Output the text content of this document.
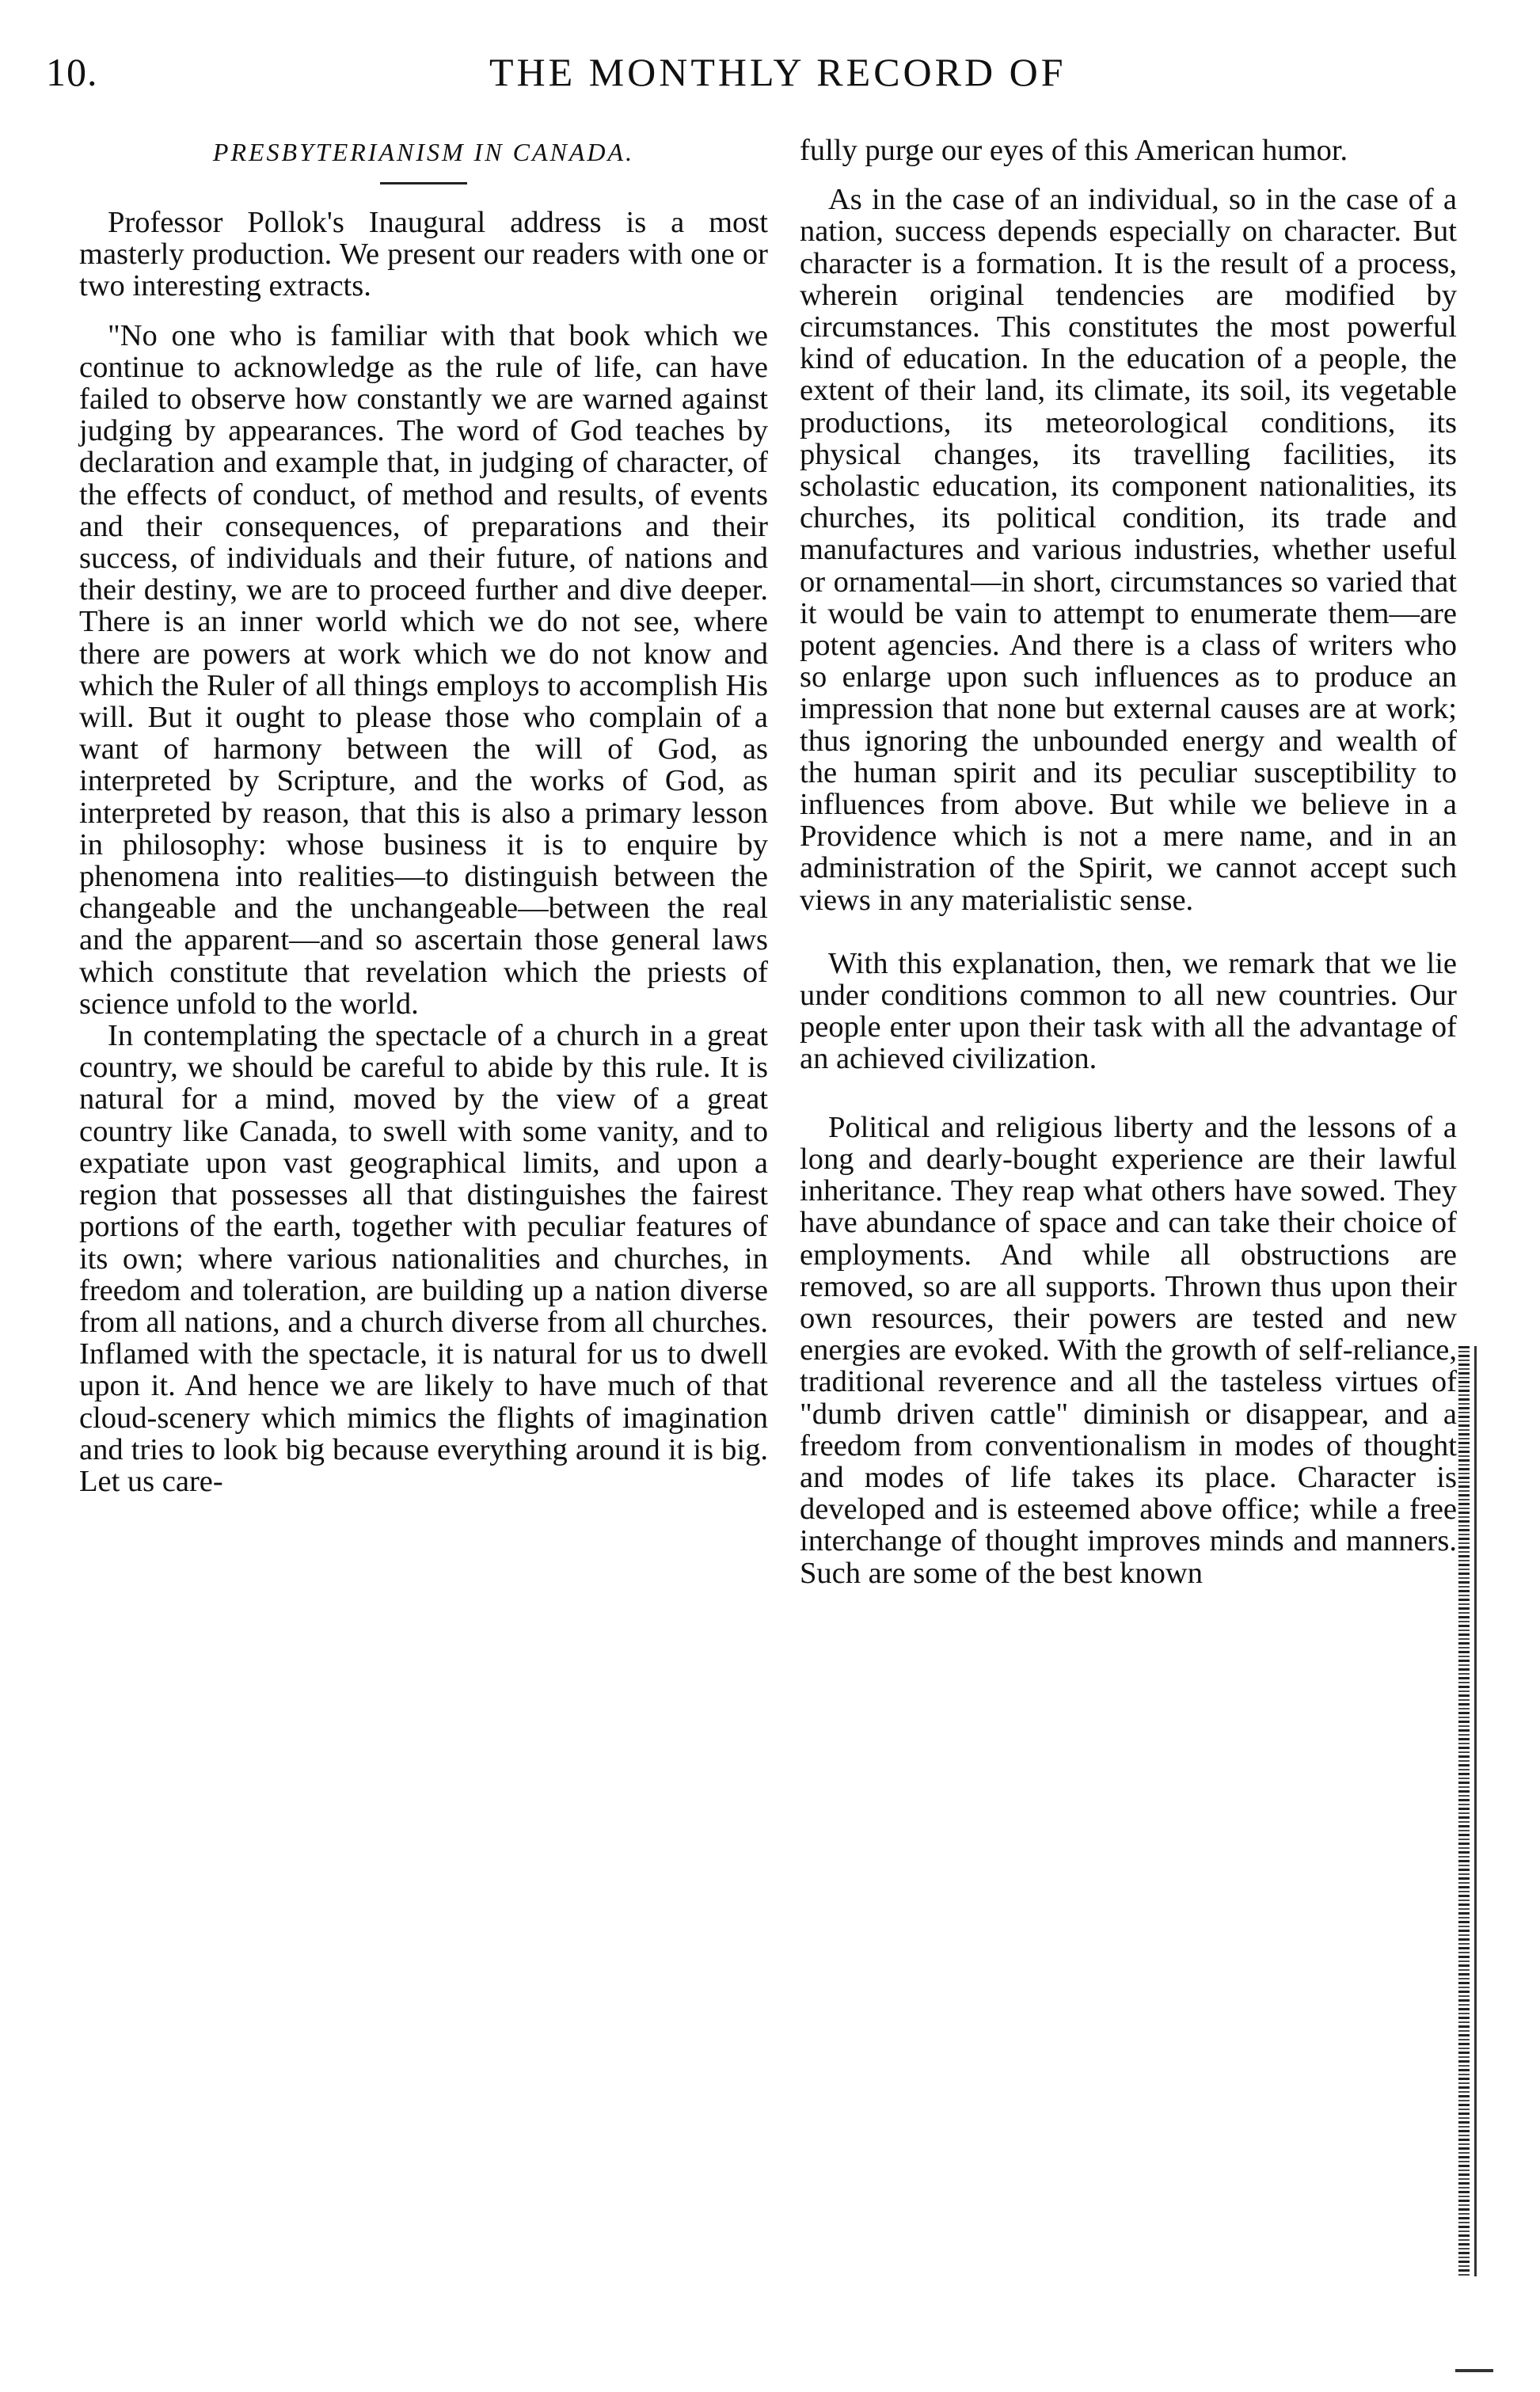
10.	THE MONTHLY RECORD OF
PRESBYTERIANISM IN CANADA.

Professor Pollok's Inaugural address is a most masterly production. We present our readers with one or two interesting extracts.

"No one who is familiar with that book which we continue to acknowledge as the rule of life, can have failed to observe how constantly we are warned against judging by appearances. The word of God teaches by declaration and example that, in judging of character, of the effects of conduct, of method and results, of events and their consequences, of preparations and their success, of individuals and their future, of nations and their destiny, we are to proceed further and dive deeper. There is an inner world which we do not see, where there are powers at work which we do not know and which the Ruler of all things employs to accomplish His will. But it ought to please those who complain of a want of harmony between the will of God, as interpreted by Scripture, and the works of God, as interpreted by reason, that this is also a primary lesson in philosophy: whose business it is to enquire by phenomena into realities—to distinguish between the changeable and the unchangeable—between the real and the apparent—and so ascertain those general laws which constitute that revelation which the priests of science unfold to the world.

In contemplating the spectacle of a church in a great country, we should be careful to abide by this rule. It is natural for a mind, moved by the view of a great country like Canada, to swell with some vanity, and to expatiate upon vast geographical limits, and upon a region that possesses all that distinguishes the fairest portions of the earth, together with peculiar features of its own; where various nationalities and churches, in freedom and toleration, are building up a nation diverse from all nations, and a church diverse from all churches. Inflamed with the spectacle, it is natural for us to dwell upon it. And hence we are likely to have much of that cloud-scenery which mimics the flights of imagination and tries to look big because everything around it is big. Let us care-

fully purge our eyes of this American humor.

As in the case of an individual, so in the case of a nation, success depends especially on character. But character is a formation. It is the result of a process, wherein original tendencies are modified by circumstances. This constitutes the most powerful kind of education. In the education of a people, the extent of their land, its climate, its soil, its vegetable productions, its meteorological conditions, its physical changes, its travelling facilities, its scholastic education, its component nationalities, its churches, its political condition, its trade and manufactures and various industries, whether useful or ornamental—in short, circumstances so varied that it would be vain to attempt to enumerate them—are potent agencies. And there is a class of writers who so enlarge upon such influences as to produce an impression that none but external causes are at work; thus ignoring the unbounded energy and wealth of the human spirit and its peculiar susceptibility to influences from above. But while we believe in a Providence which is not a mere name, and in an administration of the Spirit, we cannot accept such views in any materialistic sense.

With this explanation, then, we remark that we lie under conditions common to all new countries. Our people enter upon their task with all the advantage of an achieved civilization.

Political and religious liberty and the lessons of a long and dearly-bought experience are their lawful inheritance. They reap what others have sowed. They have abundance of space and can take their choice of employments. And while all obstructions are removed, so are all supports. Thrown thus upon their own resources, their powers are tested and new energies are evoked. With the growth of self-reliance, traditional reverence and all the tasteless virtues of "dumb driven cattle" diminish or disappear, and a freedom from conventionalism in modes of thought and modes of life takes its place. Character is developed and is esteemed above office; while a free interchange of thought improves minds and manners. Such are some of the best known
